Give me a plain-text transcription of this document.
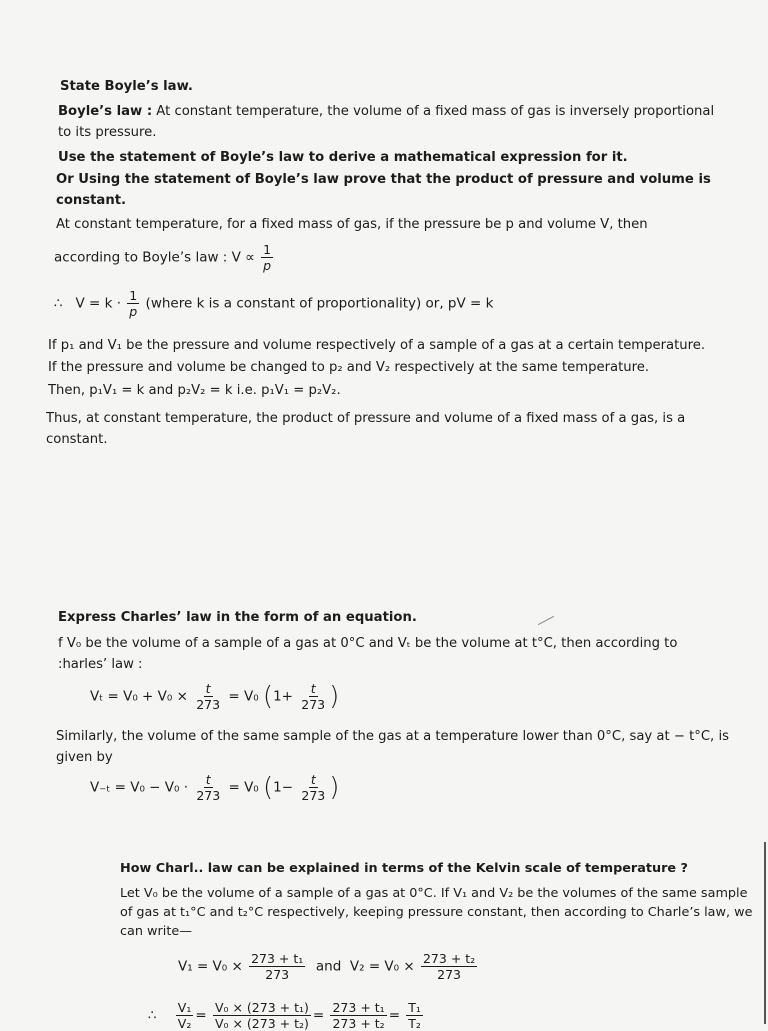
State Boyle’s law.
Boyle’s law : At constant temperature, the volume of a fixed mass of gas is inversely proportional to its pressure.
Use the statement of Boyle’s law to derive a mathematical expression for it.
Or Using the statement of Boyle’s law prove that the product of pressure and volume is constant.
At constant temperature, for a fixed mass of gas, if the pressure be p and volume V, then
according to Boyle’s law : $V \propto \frac{1}{p}$
∴ $V = k \cdot \frac{1}{p}$ (where k is a constant of proportionality) or, pV = k
If p₁ and V₁ be the pressure and volume respectively of a sample of a gas at a certain temperature.
If the pressure and volume be changed to p₂ and V₂ respectively at the same temperature.
Then, p₁V₁ = k and p₂V₂ = k i.e. p₁V₁ = p₂V₂.
Thus, at constant temperature, the product of pressure and volume of a fixed mass of a gas, is a constant.
Express Charles’ law in the form of an equation.
f V₀ be the volume of a sample of a gas at 0°C and Vₜ be the volume at t°C, then according to
:harles’ law :
$V_t = V_0 + V_0 \times \frac{t}{273} = V_0$ ($1+ \frac{t}{273}$ )
Similarly, the volume of the same sample of the gas at a temperature lower than 0°C, say at − t°C, is given by
$V_{-t} = V_0 - V_0 \cdot \frac{t}{273} = V_0$ ($1- \frac{t}{273}$ )
How Charl.. law can be explained in terms of the Kelvin scale of temperature ?
Let V₀ be the volume of a sample of a gas at 0°C. If V₁ and V₂ be the volumes of the same sample of gas at t₁°C and t₂°C respectively, keeping pressure constant, then according to Charle’s law, we can write—
$V_1 = V_0 \times \frac{\text{273 + t₁}}{273}$ and $V_2 = V_0 \times \frac{\text{273 + t₂}}{273}$
∴ $\frac{\text{V₁}}{\text{V₂}} = \frac{\text{V₀ × (273 + t₁)}}{\text{V₀ × (273 + t₂)}} = \frac{\text{273 + t₁}}{\text{273 + t₂}} = \frac{\text{T₁}}{\text{T₂}}$
